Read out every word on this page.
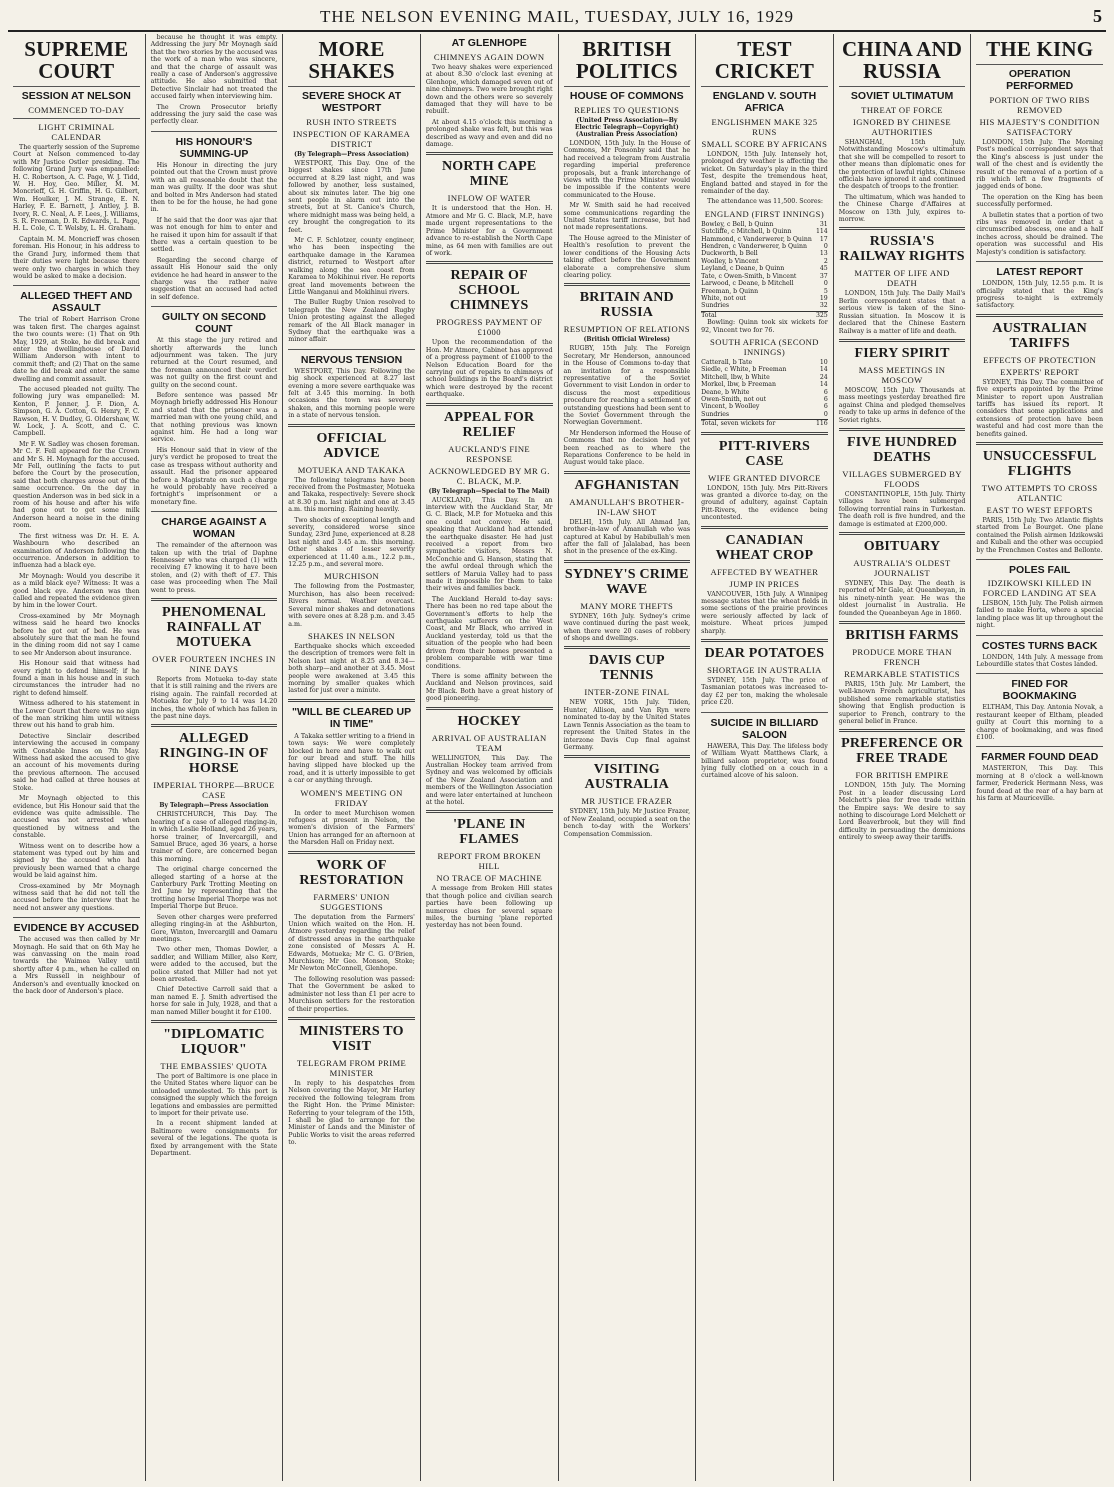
THE NELSON EVENING MAIL, TUESDAY, JULY 16, 1929	5
SUPREME COURT
SESSION AT NELSON
COMMENCED TO-DAY
LIGHT CRIMINAL CALENDAR

The quarterly session of the Supreme Court at Nelson commenced to-day with Mr Justice Ostler presiding. The following Grand Jury was empanelled: H. C. Robertson, A. C. Page, W. J. Tidd, W. H. Hoy, Geo. Miller, M. M. Moncrieff, G. H. Griffin, H. G. Gilbert, Wm. Houlker, J. M. Strange, E. N. Harley, F. E. Barnett, J. Antley, J. B. Ivory, R. C. Neal, A. F. Lees, J. Williams, S. R. Freeman, D. R. Edwards, L. Page, H. L. Cole, C. T. Welsby, L. H. Graham.

Captain M. M. Moncrieff was chosen foreman. His Honour, in his address to the Grand Jury, informed them that their duties were light because there were only two charges in which they would be asked to make a decision.

ALLEGED THEFT AND ASSAULT

The trial of Robert Harrison Crone was taken first. The charges against the two counts were: (1) That on 9th May, 1929, at Stoke, he did break and enter the dwellinghouse of David William Anderson with intent to commit theft; and (2) That on the same date he did break and enter the same dwelling and commit assault.

The accused pleaded not guilty. The following jury was empanelled: M. Kenton, P. Jenner, J. F. Dion, A. Simpson, G. A. Cotton, G. Henry, F. C. Rawson, H. V. Dudley, G. Oldershaw, W. W. Lock, J. A. Scott, and C. C. Campbell.

Mr F. W. Sadley was chosen foreman. Mr C. F. Fell appeared for the Crown and Mr S. H. Moynagh for the accused. Mr Fell, outlining the facts to put before the Court by the prosecution, said that both charges arose out of the same occurrence. On the day in question Anderson was in bed sick in a room of his house and after his wife had gone out to get some milk Anderson heard a noise in the dining room.

The first witness was Dr. H. E. A. Washbourn who described an examination of Anderson following the occurrence. Anderson in addition to influenza had a black eye.

Mr Moynagh: Would you describe it as a mild black eye? Witness: It was a good black eye. Anderson was then called and repeated the evidence given by him in the lower Court.

Cross-examined by Mr Moynagh witness said he heard two knocks before he got out of bed. He was absolutely sure that the man he found in the dining room did not say I came to see Mr Anderson about insurance.

His Honour said that witness had every right to defend himself; if he found a man in his house and in such circumstances the intruder had no right to defend himself.

Witness adhered to his statement in the Lower Court that there was no sign of the man striking him until witness threw out his hand to grab him.

Detective Sinclair described interviewing the accused in company with Constable Innes on 7th May. Witness had asked the accused to give an account of his movements during the previous afternoon. The accused said he had called at three houses at Stoke.

Mr Moynagh objected to this evidence, but His Honour said that the evidence was quite admissible. The accused was not arrested when questioned by witness and the constable.

Witness went on to describe how a statement was typed out by him and signed by the accused who had previously been warned that a charge would be laid against him.

Cross-examined by Mr Moynagh witness said that he did not tell the accused before the interview that he need not answer any questions.

EVIDENCE BY ACCUSED

The accused was then called by Mr Moynagh. He said that on 6th May he was canvassing on the main road towards the Waimea Valley until shortly after 4 p.m., when he called on a Mrs Russell in neighbour of Anderson's and eventually knocked on the back door of Anderson's place.

because he thought it was empty. Addressing the jury Mr Moynagh said that the two stories by the accused was the work of a man who was sincere, and that the charge of assault was really a case of Anderson's aggressive attitude. He also submitted that Detective Sinclair had not treated the accused fairly when interviewing him.

The Crown Prosecutor briefly addressing the jury said the case was perfectly clear.

HIS HONOUR'S SUMMING-UP

His Honour in directing the jury pointed out that the Crown must prove with an all reasonable doubt that the man was guilty. If the door was shut and bolted in Mrs Anderson had stated then to be for the house, he had gone in.

If he said that the door was ajar that was not enough for him to enter and he raised it upon him for assault if that there was a certain question to be settled.

Regarding the second charge of assault His Honour said the only evidence he had heard in answer to the charge was the rather naive suggestion that an accused had acted in self defence.

GUILTY ON SECOND COUNT

At this stage the jury retired and shortly afterwards the lunch adjournment was taken. The jury returned at the Court resumed, and the foreman announced their verdict was not guilty on the first count and guilty on the second count.

Before sentence was passed Mr Moynagh briefly addressed His Honour and stated that the prisoner was a married man with one young child, and that nothing previous was known against him. He had a long war service.

His Honour said that in view of the jury's verdict he proposed to treat the case as trespass without authority and assault. Had the prisoner appeared before a Magistrate on such a charge he would probably have received a fortnight's imprisonment or a monetary fine.

CHARGE AGAINST A WOMAN

The remainder of the afternoon was taken up with the trial of Daphne Hennesser who was charged (1) with receiving £7 knowing it to have been stolen, and (2) with theft of £7. This case was proceeding when The Mail went to press.

PHENOMENAL RAINFALL AT MOTUEKA
OVER FOURTEEN INCHES IN NINE DAYS

Reports from Motueka to-day state that it is still raining and the rivers are rising again. The rainfall recorded at Motueka for July 9 to 14 was 14.20 inches, the whole of which has fallen in the past nine days.

ALLEGED RINGING-IN OF HORSE
IMPERIAL THORPE—BRUCE CASE

By Telegraph—Press Association

CHRISTCHURCH, This Day. The hearing of a case of alleged ringing-in, in which Leslie Holland, aged 26 years, horse trainer, of Invercargill, and Samuel Bruce, aged 36 years, a horse trainer of Gore, are concerned began this morning.

The original charge concerned the alleged starting of a horse at the Canterbury Park Trotting Meeting on 3rd June by representing that the trotting horse Imperial Thorpe was not Imperial Thorpe but Bruce.

Seven other charges were preferred alleging ringing-in at the Ashburton, Gore, Winton, Invercargill and Oamaru meetings.

Two other men, Thomas Dowler, a saddler, and William Miller, also Kerr, were added to the accused, but the police stated that Miller had not yet been arrested.

Chief Detective Carroll said that a man named E. J. Smith advertised the horse for sale in July, 1928, and that a man named Miller bought it for £100.

"DIPLOMATIC LIQUOR"
THE EMBASSIES' QUOTA

The port of Baltimore is one place in the United States where liquor can be unloaded unmolested. To this port is consigned the supply which the foreign legations and embassies are permitted to import for their private use.

In a recent shipment landed at Baltimore were consignments for several of the legations. The quota is fixed by arrangement with the State Department.

MORE SHAKES
SEVERE SHOCK AT WESTPORT
RUSH INTO STREETS
INSPECTION OF KARAMEA DISTRICT

(By Telegraph—Press Association)

WESTPORT, This Day. One of the biggest shakes since 17th June occurred at 8.29 last night, and was followed by another, less sustained, about six minutes later. The big one sent people in alarm out into the streets, but at St. Canice's Church, where midnight mass was being held, a cry brought the congregation to its feet.

Mr C. F. Schlotzer, county engineer, who has been inspecting the earthquake damage in the Karamea district, returned to Westport after walking along the sea coast from Karamea to Mokihinui river. He reports great land movements between the Little Wanganui and Mokihinui rivers.

The Buller Rugby Union resolved to telegraph the New Zealand Rugby Union protesting against the alleged remark of the All Black manager in Sydney that the earthquake was a minor affair.

NERVOUS TENSION

WESTPORT, This Day. Following the big shock experienced at 8.27 last evening a more severe earthquake was felt at 3.45 this morning. In both occasions the town was severely shaken, and this morning people were in a state of nervous tension.

OFFICIAL ADVICE
MOTUEKA AND TAKAKA

The following telegrams have been received from the Postmaster, Motueka and Takaka, respectively: Severe shock at 8.30 p.m. last night and one at 3.45 a.m. this morning. Raining heavily.

Two shocks of exceptional length and severity, considered worse since Sunday, 23rd June, experienced at 8.28 last night and 3.45 a.m. this morning. Other shakes of lesser severity experienced at 11.40 a.m., 12.2 p.m., 12.25 p.m., and several more.

MURCHISON

The following from the Postmaster, Murchison, has also been received: Rivers normal. Weather overcast. Several minor shakes and detonations with severe ones at 8.28 p.m. and 3.45 a.m.

SHAKES IN NELSON

Earthquake shocks which exceeded the description of tremors were felt in Nelson last night at 8.25 and 8.34—both sharp—and another at 3.45. Most people were awakened at 3.45 this morning by smaller quakes which lasted for just over a minute.

"WILL BE CLEARED UP IN TIME"

A Takaka settler writing to a friend in town says: We were completely blocked in here and have to walk out for our bread and stuff. The hills having slipped have blocked up the road, and it is utterly impossible to get a car or anything through.

WOMEN'S MEETING ON FRIDAY

In order to meet Murchison women refugees at present in Nelson, the women's division of the Farmers' Union has arranged for an afternoon at the Marsden Hall on Friday next.

WORK OF RESTORATION
FARMERS' UNION SUGGESTIONS

The deputation from the Farmers' Union which waited on the Hon. H. Atmore yesterday regarding the relief of distressed areas in the earthquake zone consisted of Messrs A. H. Edwards, Motueka; Mr C. G. O'Brien, Murchison; Mr Geo. Monson, Stoke; Mr Newton McConnell, Glenhope.

The following resolution was passed: That the Government be asked to administer not less than £1 per acre to Murchison settlers for the restoration of their properties.

MINISTERS TO VISIT
TELEGRAM FROM PRIME MINISTER

In reply to his despatches from Nelson covering the Mayor, Mr Harley received the following telegram from the Right Hon. the Prime Minister: Referring to your telegram of the 15th, I shall be glad to arrange for the Minister of Lands and the Minister of Public Works to visit the areas referred to.

AT GLENHOPE
CHIMNEYS AGAIN DOWN

Two heavy shakes were experienced at about 8.30 o'clock last evening at Glenhope, which damaged seven out of nine chimneys. Two were brought right down and the others were so severely damaged that they will have to be rebuilt.

At about 4.15 o'clock this morning a prolonged shake was felt, but this was described as wavy and even and did no damage.

NORTH CAPE MINE
INFLOW OF WATER

It is understood that the Hon. H. Atmore and Mr G. C. Black, M.P., have made urgent representations to the Prime Minister for a Government advance to re-establish the North Cape mine, as 64 men with families are out of work.

REPAIR OF SCHOOL CHIMNEYS
PROGRESS PAYMENT OF £1000

Upon the recommendation of the Hon. Mr Atmore, Cabinet has approved of a progress payment of £1000 to the Nelson Education Board for the carrying out of repairs to chimneys of school buildings in the Board's district which were destroyed by the recent earthquake.

APPEAL FOR RELIEF
AUCKLAND'S FINE RESPONSE
ACKNOWLEDGED BY MR G. C. BLACK, M.P.

(By Telegraph—Special to The Mail)

AUCKLAND, This Day. In an interview with the Auckland Star, Mr G. C. Black, M.P. for Motueka and this one could not convey. He said, speaking that Auckland had attended the earthquake disaster. He had just received a report from two sympathetic visitors, Messrs N. McConchie and G. Hanson, stating that the awful ordeal through which the settlers of Maruia Valley had to pass made it impossible for them to take their wives and families back.

The Auckland Herald to-day says: There has been no red tape about the Government's efforts to help the earthquake sufferers on the West Coast, and Mr Black, who arrived in Auckland yesterday, told us that the situation of the people who had been driven from their homes presented a problem comparable with war time conditions.

There is some affinity between the Auckland and Nelson provinces, said Mr Black. Both have a great history of good pioneering.

HOCKEY
ARRIVAL OF AUSTRALIAN TEAM

WELLINGTON, This Day. The Australian Hockey team arrived from Sydney and was welcomed by officials of the New Zealand Association and members of the Wellington Association and were later entertained at luncheon at the hotel.

'PLANE IN FLAMES
REPORT FROM BROKEN HILL
NO TRACE OF MACHINE

A message from Broken Hill states that though police and civilian search parties have been following up numerous clues for several square miles, the burning 'plane reported yesterday has not been found.

BRITISH POLITICS
HOUSE OF COMMONS
REPLIES TO QUESTIONS

(United Press Association—By Electric Telegraph—Copyright) (Australian Press Association)

LONDON, 15th July. In the House of Commons, Mr Ponsonby said that he had received a telegram from Australia regarding imperial preference proposals, but a frank interchange of views with the Prime Minister would be impossible if the contents were communicated to the House.

Mr W. Smith said he had received some communications regarding the United States tariff increase, but had not made representations.

The House agreed to the Minister of Health's resolution to prevent the lower conditions of the Housing Acts taking effect before the Government elaborate a comprehensive slum clearing policy.

BRITAIN AND RUSSIA
RESUMPTION OF RELATIONS

(British Official Wireless)

RUGBY, 15th July. The Foreign Secretary, Mr Henderson, announced in the House of Commons to-day that an invitation for a responsible representative of the Soviet Government to visit London in order to discuss the most expeditious procedure for reaching a settlement of outstanding questions had been sent to the Soviet Government through the Norwegian Government.

Mr Henderson informed the House of Commons that no decision had yet been reached as to where the Reparations Conference to be held in August would take place.

AFGHANISTAN
AMANULLAH'S BROTHER-IN-LAW SHOT

DELHI, 15th July. All Ahmad Jan, brother-in-law of Amanullah who was captured at Kabul by Habibullah's men after the fall of Jalalabad, has been shot in the presence of the ex-King.

SYDNEY'S CRIME WAVE
MANY MORE THEFTS

SYDNEY, 16th July. Sydney's crime wave continued during the past week, when there were 20 cases of robbery of shops and dwellings.

DAVIS CUP TENNIS
INTER-ZONE FINAL

NEW YORK, 15th July. Tilden, Hunter, Allison, and Van Ryn were nominated to-day by the United States Lawn Tennis Association as the team to represent the United States in the interzone Davis Cup final against Germany.

VISITING AUSTRALIA
MR JUSTICE FRAZER

SYDNEY, 15th July. Mr Justice Frazer, of New Zealand, occupied a seat on the bench to-day with the Workers' Compensation Commission.

TEST CRICKET
ENGLAND V. SOUTH AFRICA
ENGLISHMEN MAKE 325 RUNS
SMALL SCORE BY AFRICANS

LONDON, 15th July. Intensely hot, prolonged dry weather is affecting the wicket. On Saturday's play in the third Test, despite the tremendous heat, England batted and stayed in for the remainder of the day.

The attendance was 11,500. Scores:

ENGLAND (FIRST INNINGS)
Bowley, c Bell, b Quinn	31
Sutcliffe, c Mitchell, b Quinn	114
Hammond, c Vanderwerer, b Quinn 17
Hendren, c Vanderwerer, b Quinn	0
Duckworth, b Bell	13
Woolley, b Vincent	2
Leyland, c Deane, b Quinn	45
Tate, c Owen-Smith, b Vincent	37
Larwood, c Deane, b Mitchell	0
Freeman, b Quinn	5
White, not out	19
Sundries	32
Total	325

Bowling: Quinn took six wickets for 92, Vincent two for 76.

SOUTH AFRICA (SECOND INNINGS)
Catterall, b Tate	10
Siedle, c White, b Freeman	14
Mitchell, lbw, b White	24
Morkel, lbw, b Freeman	14
Deane, b White	6
Owen-Smith, not out	6
Vincent, b Woolley	6
Sundries	0
Total, seven wickets for	116
PITT-RIVERS CASE
WIFE GRANTED DIVORCE

LONDON, 15th July. Mrs Pitt-Rivers was granted a divorce to-day, on the ground of adultery, against Captain Pitt-Rivers, the evidence being uncontested.

CANADIAN WHEAT CROP
AFFECTED BY WEATHER
JUMP IN PRICES

VANCOUVER, 15th July. A Winnipeg message states that the wheat fields in some sections of the prairie provinces were seriously affected by lack of moisture. Wheat prices jumped sharply.

DEAR POTATOES
SHORTAGE IN AUSTRALIA

SYDNEY, 15th July. The price of Tasmanian potatoes was increased to-day £2 per ton, making the wholesale price £20.

SUICIDE IN BILLIARD SALOON

HAWERA, This Day. The lifeless body of William Wyatt Matthews Clark, a billiard saloon proprietor, was found lying fully clothed on a couch in a curtained alcove of his saloon.

CHINA AND RUSSIA
SOVIET ULTIMATUM
THREAT OF FORCE
IGNORED BY CHINESE AUTHORITIES

SHANGHAI, 15th July. Notwithstanding Moscow's ultimatum that she will be compelled to resort to other means than diplomatic ones for the protection of lawful rights, Chinese officials have ignored it and continued the despatch of troops to the frontier.

The ultimatum, which was handed to the Chinese Charge d'Affaires at Moscow on 13th July, expires to-morrow.

RUSSIA'S RAILWAY RIGHTS
MATTER OF LIFE AND DEATH

LONDON, 15th July. The Daily Mail's Berlin correspondent states that a serious view is taken of the Sino-Russian situation. In Moscow it is declared that the Chinese Eastern Railway is a matter of life and death.

FIERY SPIRIT
MASS MEETINGS IN MOSCOW

MOSCOW, 15th July. Thousands at mass meetings yesterday breathed fire against China and pledged themselves ready to take up arms in defence of the Soviet rights.

FIVE HUNDRED DEATHS
VILLAGES SUBMERGED BY FLOODS

CONSTANTINOPLE, 15th July. Thirty villages have been submerged following torrential rains in Turkestan. The death roll is five hundred, and the damage is estimated at £200,000.

OBITUARY
AUSTRALIA'S OLDEST JOURNALIST

SYDNEY, This Day. The death is reported of Mr Gale, at Queanbeyan, in his ninety-ninth year. He was the oldest journalist in Australia. He founded the Queanbeyan Age in 1860.

BRITISH FARMS
PRODUCE MORE THAN FRENCH
REMARKABLE STATISTICS

PARIS, 15th July. Mr Lambert, the well-known French agriculturist, has published some remarkable statistics showing that English production is superior to French, contrary to the general belief in France.

PREFERENCE OR FREE TRADE
FOR BRITISH EMPIRE

LONDON, 15th July. The Morning Post in a leader discussing Lord Melchett's plea for free trade within the Empire says: We desire to say nothing to discourage Lord Melchett or Lord Beaverbrook, but they will find difficulty in persuading the dominions entirely to sweep away their tariffs.

THE KING
OPERATION PERFORMED
PORTION OF TWO RIBS REMOVED
HIS MAJESTY'S CONDITION SATISFACTORY

LONDON, 15th July. The Morning Post's medical correspondent says that the King's abscess is just under the wall of the chest and is evidently the result of the removal of a portion of a rib which left a few fragments of jagged ends of bone.

The operation on the King has been successfully performed.

A bulletin states that a portion of two ribs was removed in order that a circumscribed abscess, one and a half inches across, should be drained. The operation was successful and His Majesty's condition is satisfactory.

LATEST REPORT

LONDON, 15th July, 12.55 p.m. It is officially stated that the King's progress to-night is extremely satisfactory.

AUSTRALIAN TARIFFS
EFFECTS OF PROTECTION
EXPERTS' REPORT

SYDNEY, This Day. The committee of five experts appointed by the Prime Minister to report upon Australian tariffs has issued its report. It considers that some applications and extensions of protection have been wasteful and had cost more than the benefits gained.

UNSUCCESSFUL FLIGHTS
TWO ATTEMPTS TO CROSS ATLANTIC
EAST TO WEST EFFORTS

PARIS, 15th July. Two Atlantic flights started from Le Bourget. One plane contained the Polish airmen Idzikowski and Kubali and the other was occupied by the Frenchmen Costes and Bellonte.

POLES FAIL
IDZIKOWSKI KILLED IN FORCED LANDING AT SEA

LISBON, 15th July. The Polish airmen failed to make Horta, where a special landing place was lit up throughout the night.

COSTES TURNS BACK

LONDON, 14th July. A message from Lebourdille states that Costes landed.

FINED FOR BOOKMAKING

ELTHAM, This Day. Antonia Novak, a restaurant keeper of Eltham, pleaded guilty at Court this morning to a charge of bookmaking, and was fined £100.

FARMER FOUND DEAD

MASTERTON, This Day. This morning at 8 o'clock a well-known farmer, Frederick Hermann Ness, was found dead at the rear of a hay barn at his farm at Mauriceville.
